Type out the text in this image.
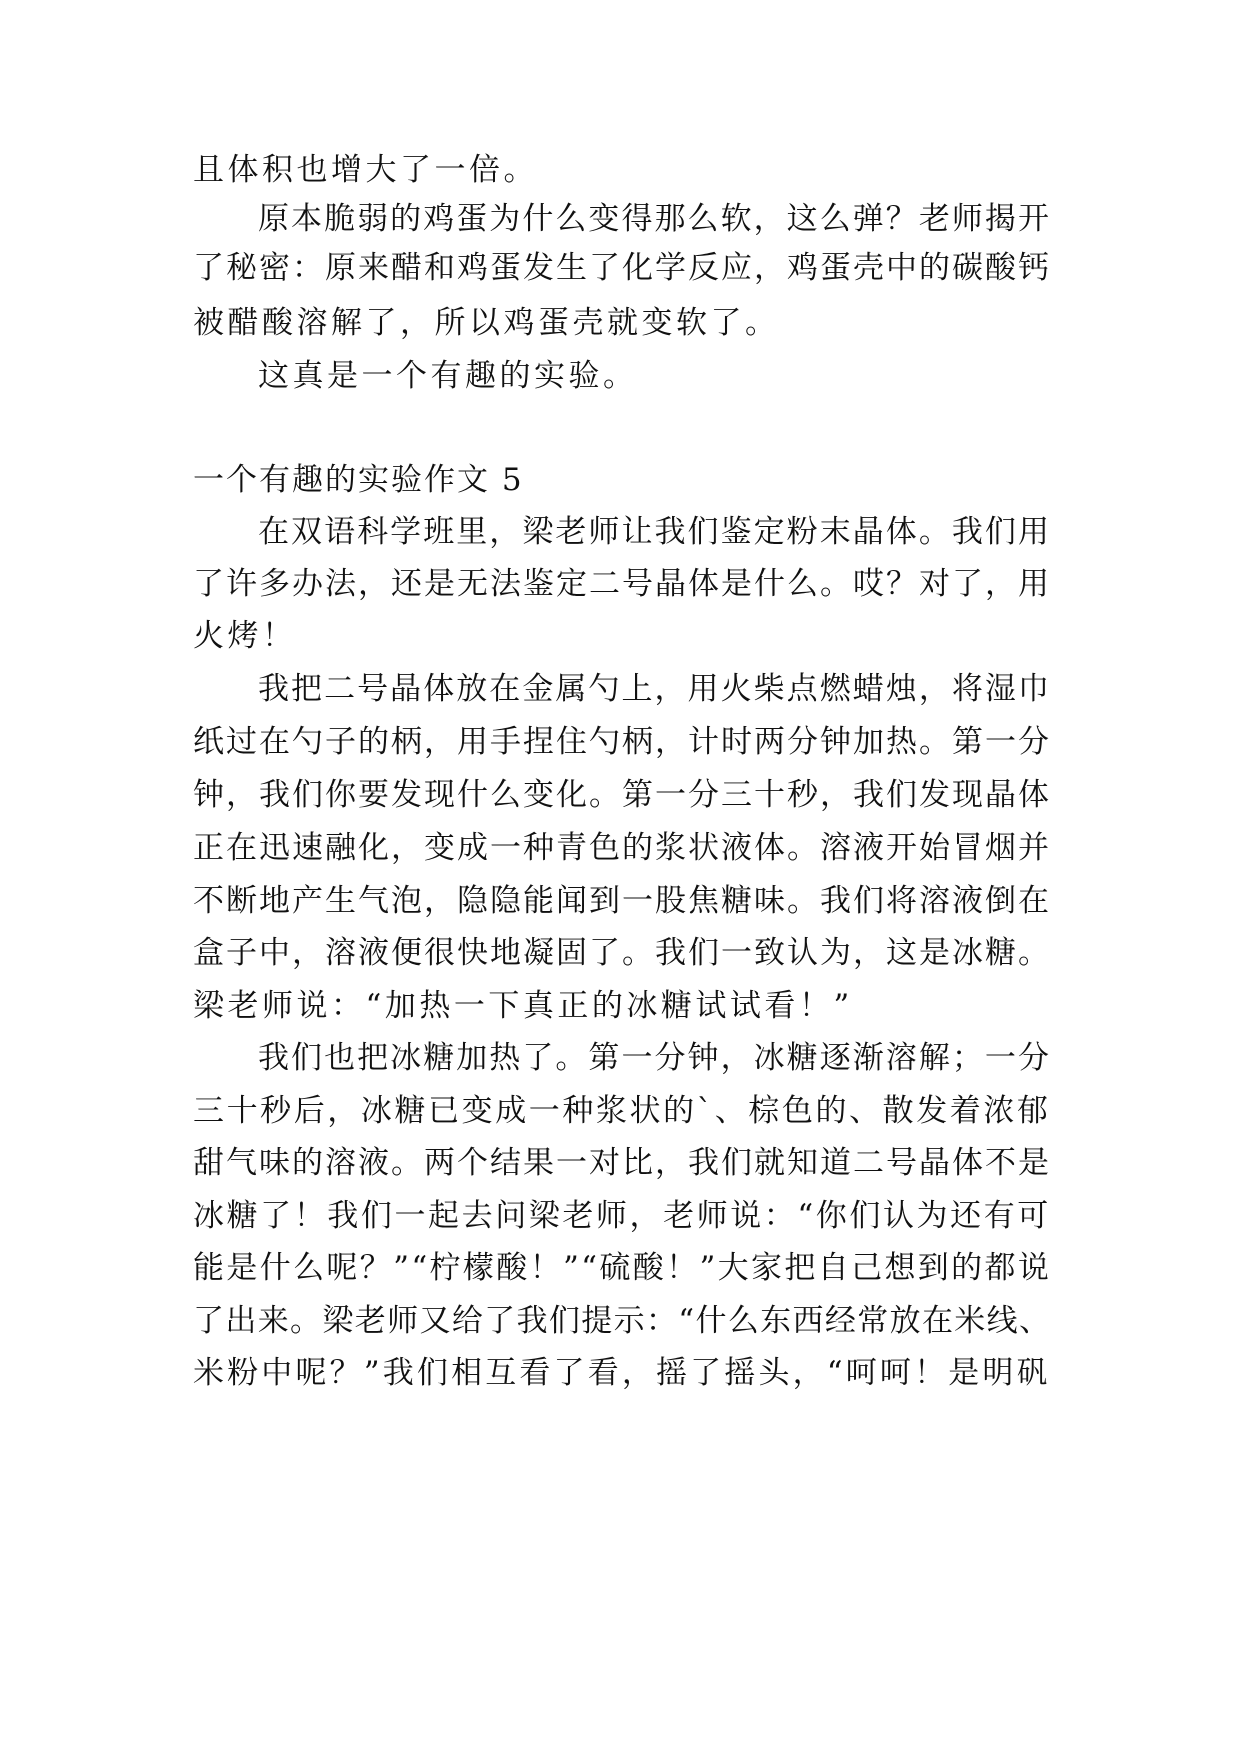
且体积也增大了一倍。

原本脆弱的鸡蛋为什么变得那么软，这么弹？老师揭开

了秘密：原来醋和鸡蛋发生了化学反应，鸡蛋壳中的碳酸钙

被醋酸溶解了，所以鸡蛋壳就变软了。

这真是一个有趣的实验。

一个有趣的实验作文 5

在双语科学班里，梁老师让我们鉴定粉末晶体。我们用

了许多办法，还是无法鉴定二号晶体是什么。哎？对了，用

火烤！

我把二号晶体放在金属勺上，用火柴点燃蜡烛，将湿巾

纸过在勺子的柄，用手捏住勺柄，计时两分钟加热。第一分

钟，我们你要发现什么变化。第一分三十秒，我们发现晶体

正在迅速融化，变成一种青色的浆状液体。溶液开始冒烟并

不断地产生气泡，隐隐能闻到一股焦糖味。我们将溶液倒在

盒子中，溶液便很快地凝固了。我们一致认为，这是冰糖。

梁老师说：“加热一下真正的冰糖试试看！”

我们也把冰糖加热了。第一分钟，冰糖逐渐溶解；一分

三十秒后，冰糖已变成一种浆状的`、棕色的、散发着浓郁

甜气味的溶液。两个结果一对比，我们就知道二号晶体不是

冰糖了！我们一起去问梁老师，老师说：“你们认为还有可

能是什么呢？”“柠檬酸！”“硫酸！”大家把自己想到的都说

了出来。梁老师又给了我们提示：“什么东西经常放在米线、

米粉中呢？”我们相互看了看，摇了摇头，“呵呵！是明矾
